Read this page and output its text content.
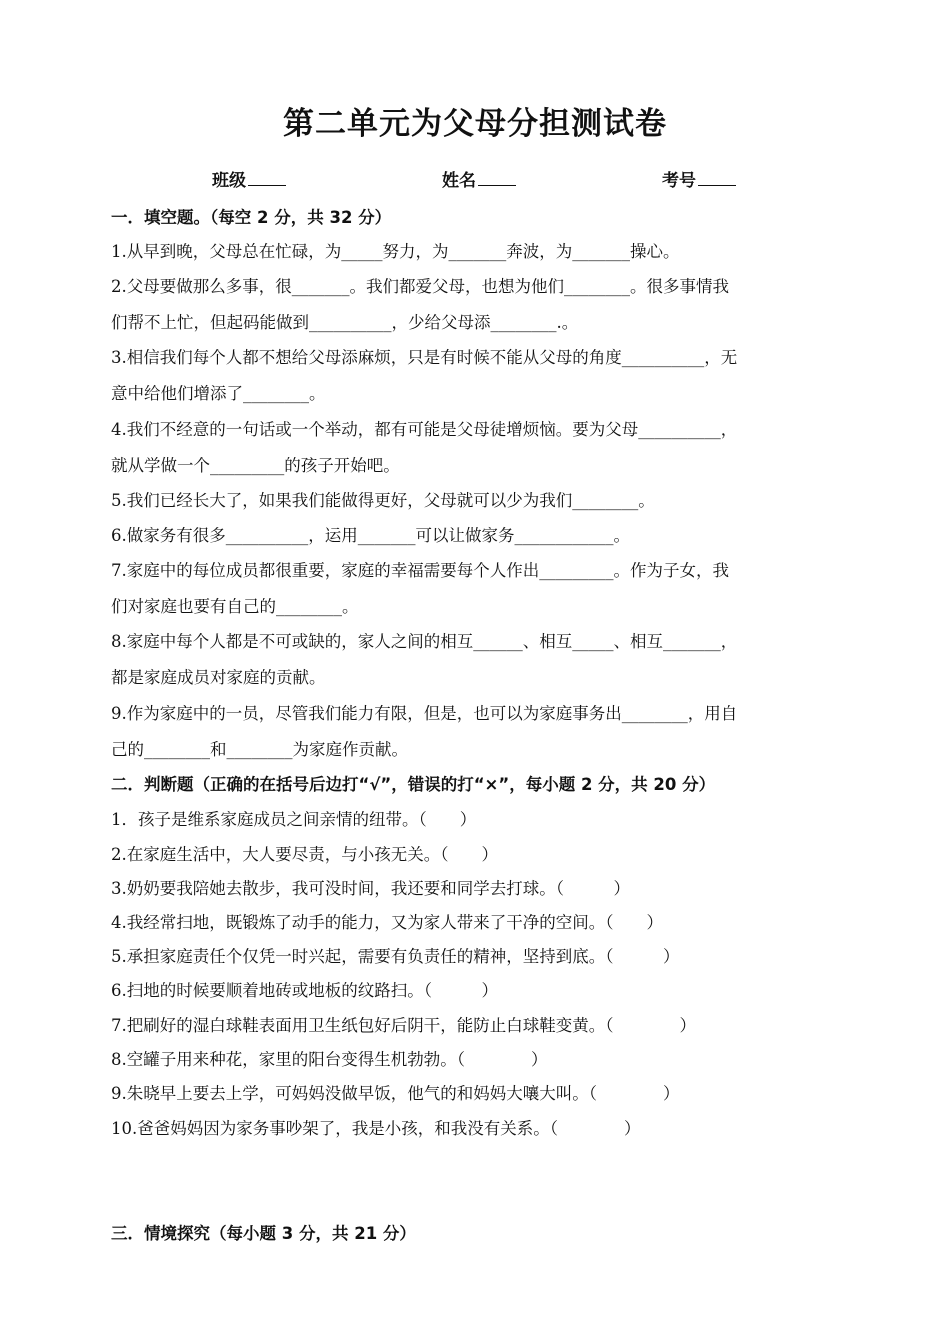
第二单元为父母分担测试卷
班级	姓名	考号
一．填空题。（每空 2 分，共 32 分）
1.从早到晚，父母总在忙碌，为_____努力，为_______奔波，为_______操心。
2.父母要做那么多事，很_______。我们都爱父母，也想为他们________。很多事情我
们帮不上忙，但起码能做到__________，少给父母添________.。
3.相信我们每个人都不想给父母添麻烦，只是有时候不能从父母的角度__________，无
意中给他们增添了________。
4.我们不经意的一句话或一个举动，都有可能是父母徒增烦恼。要为父母__________，
就从学做一个_________的孩子开始吧。
5.我们已经长大了，如果我们能做得更好，父母就可以少为我们________。
6.做家务有很多__________，运用_______可以让做家务____________。
7.家庭中的每位成员都很重要，家庭的幸福需要每个人作出_________。作为子女，我
们对家庭也要有自己的________。
8.家庭中每个人都是不可或缺的，家人之间的相互______、相互_____、相互_______，
都是家庭成员对家庭的贡献。
9.作为家庭中的一员，尽管我们能力有限，但是，也可以为家庭事务出________，用自
己的________和________为家庭作贡献。
二．判断题（正确的在括号后边打“√”，错误的打“×”，每小题 2 分，共 20 分）
1．孩子是维系家庭成员之间亲情的纽带。（　　）
2.在家庭生活中，大人要尽责，与小孩无关。（　　）
3.奶奶要我陪她去散步，我可没时间，我还要和同学去打球。（　　　）
4.我经常扫地，既锻炼了动手的能力，又为家人带来了干净的空间。（　　）
5.承担家庭责任个仅凭一时兴起，需要有负责任的精神，坚持到底。（　　　）
6.扫地的时候要顺着地砖或地板的纹路扫。（　　　）
7.把刷好的湿白球鞋表面用卫生纸包好后阴干，能防止白球鞋变黄。（　　　　）
8.空罐子用来种花，家里的阳台变得生机勃勃。（　　　　）
9.朱晓早上要去上学，可妈妈没做早饭，他气的和妈妈大嚷大叫。（　　　　）
10.爸爸妈妈因为家务事吵架了，我是小孩，和我没有关系。（　　　　）
三．情境探究（每小题 3 分，共 21 分）
